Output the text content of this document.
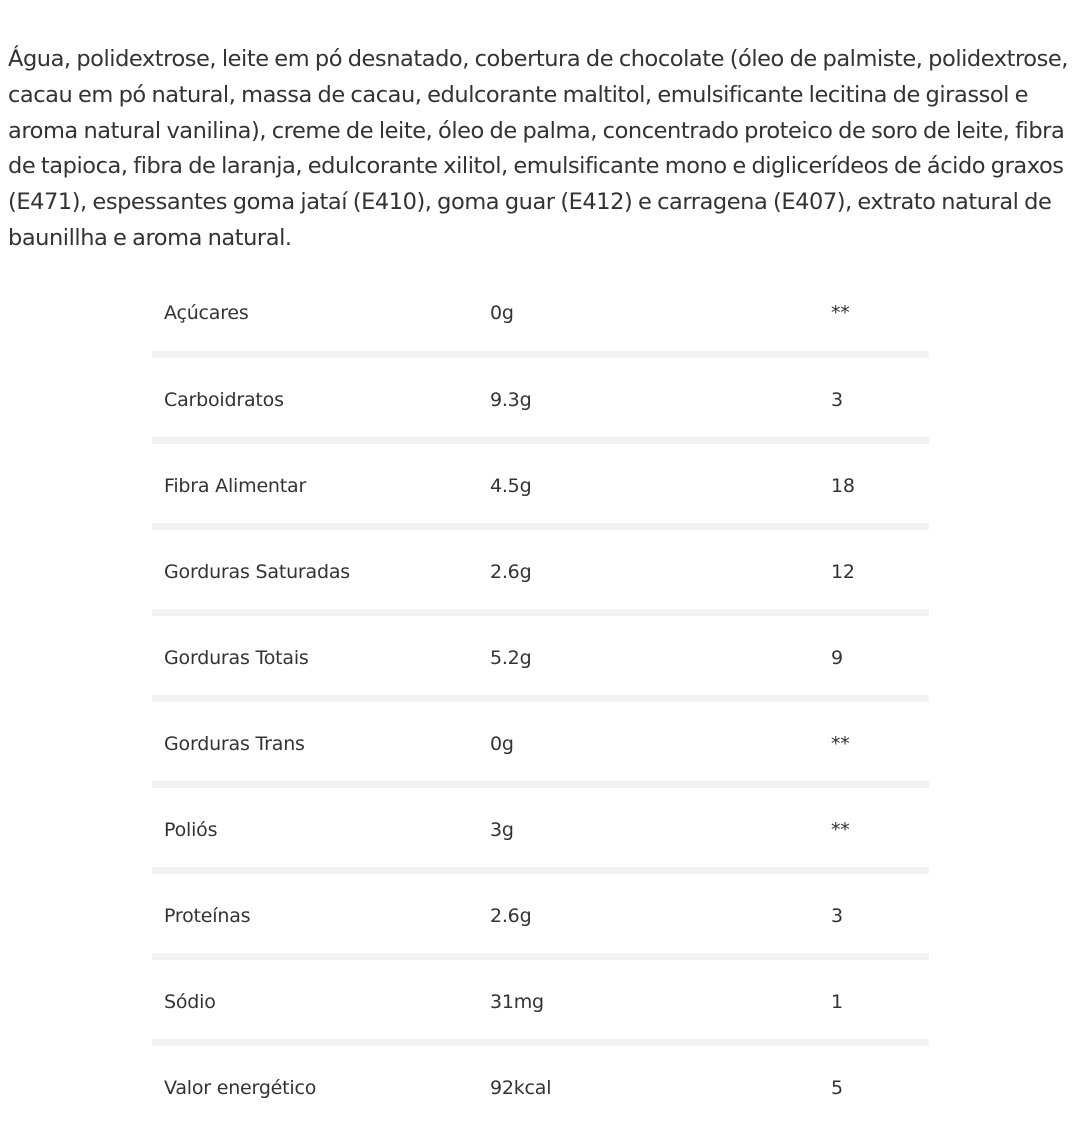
Água, polidextrose, leite em pó desnatado, cobertura de chocolate (óleo de palmiste, polidextrose, cacau em pó natural, massa de cacau, edulcorante maltitol, emulsificante lecitina de girassol e aroma natural vanilina), creme de leite, óleo de palma, concentrado proteico de soro de leite, fibra de tapioca, fibra de laranja, edulcorante xilitol, emulsificante mono e diglicerídeos de ácido graxos (E471), espessantes goma jataí (E410), goma guar (E412) e carragena (E407), extrato natural de baunillha e aroma natural.

Açúcares	0g	**

Carboidratos	9.3g	3

Fibra Alimentar	4.5g	18

Gorduras Saturadas	2.6g	12

Gorduras Totais	5.2g	9

Gorduras Trans	0g	**

Poliós	3g	**

Proteínas	2.6g	3

Sódio	31mg	1

Valor energético	92kcal	5
